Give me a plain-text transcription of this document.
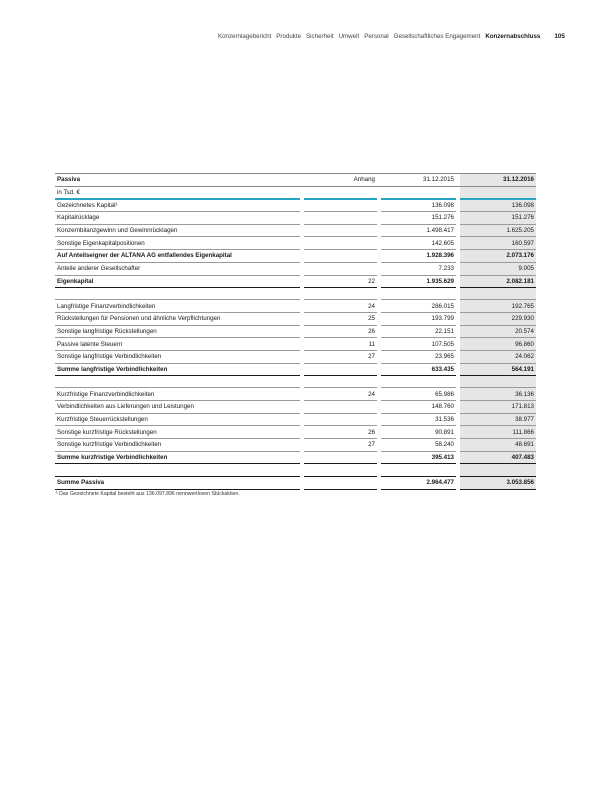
Konzernlagebericht Produkte Sicherheit Umwelt Personal Gesellschaftliches Engagement Konzernabschluss 105
Passiva		Anhang		31.12.2015		31.12.2016
in Tsd. €						
Gezeichnetes Kapital¹				136.098		136.098
Kapitalrücklage				151.276		151.276
Konzernbilanzgewinn und Gewinnrücklagen				1.498.417		1.625.205
Sonstige Eigenkapitalpositionen				142.605		160.597
Auf Anteilseigner der ALTANA AG entfallendes Eigenkapital				1.928.396		2.073.176
Anteile anderer Gesellschafter				7.233		9.005
Eigenkapital		22		1.935.629		2.082.181

Langfristige Finanzverbindlichkeiten		24		286.015		192.765
Rückstellungen für Pensionen und ähnliche Verpflichtungen		25		193.799		229.930
Sonstige langfristige Rückstellungen		26		22.151		20.574
Passive latente Steuern		11		107.505		96.860
Sonstige langfristige Verbindlichkeiten		27		23.965		24.062
Summe langfristige Verbindlichkeiten				633.435		564.191

Kurzfristige Finanzverbindlichkeiten		24		65.986		36.136
Verbindlichkeiten aus Lieferungen und Leistungen				148.760		171.813
Kurzfristige Steuerrückstellungen				31.536		38.977
Sonstige kurzfristige Rückstellungen		26		90.891		111.866
Sonstige kurzfristige Verbindlichkeiten		27		58.240		48.691
Summe kurzfristige Verbindlichkeiten				395.413		407.483

Summe Passiva				2.964.477		3.053.856
¹ Das Gezeichnete Kapital besteht aus 136.097.896 nennwertlosen Stückaktien.
